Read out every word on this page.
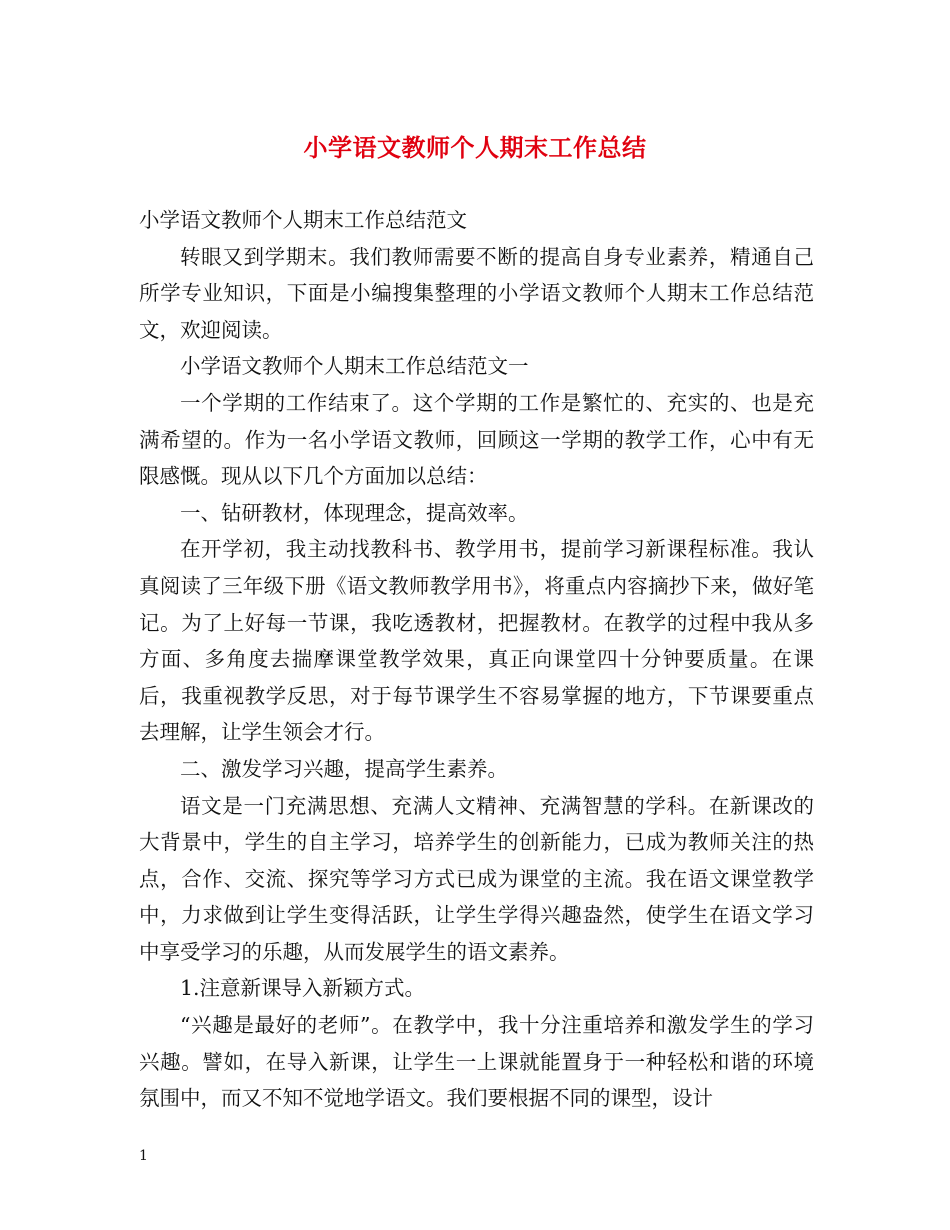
小学语文教师个人期末工作总结

小学语文教师个人期末工作总结范文

转眼又到学期末。我们教师需要不断的提高自身专业素养，精通自己所学专业知识，下面是小编搜集整理的小学语文教师个人期末工作总结范文，欢迎阅读。

小学语文教师个人期末工作总结范文一

一个学期的工作结束了。这个学期的工作是繁忙的、充实的、也是充满希望的。作为一名小学语文教师，回顾这一学期的教学工作，心中有无限感慨。现从以下几个方面加以总结：

一、钻研教材，体现理念，提高效率。

在开学初，我主动找教科书、教学用书，提前学习新课程标准。我认真阅读了三年级下册《语文教师教学用书》，将重点内容摘抄下来，做好笔记。为了上好每一节课，我吃透教材，把握教材。在教学的过程中我从多方面、多角度去揣摩课堂教学效果，真正向课堂四十分钟要质量。在课后，我重视教学反思，对于每节课学生不容易掌握的地方，下节课要重点去理解，让学生领会才行。

二、激发学习兴趣，提高学生素养。

语文是一门充满思想、充满人文精神、充满智慧的学科。在新课改的大背景中，学生的自主学习，培养学生的创新能力，已成为教师关注的热点，合作、交流、探究等学习方式已成为课堂的主流。我在语文课堂教学中，力求做到让学生变得活跃，让学生学得兴趣盎然，使学生在语文学习中享受学习的乐趣，从而发展学生的语文素养。

1.注意新课导入新颖方式。

“兴趣是最好的老师”。在教学中，我十分注重培养和激发学生的学习兴趣。譬如，在导入新课，让学生一上课就能置身于一种轻松和谐的环境氛围中，而又不知不觉地学语文。我们要根据不同的课型，设计

1
